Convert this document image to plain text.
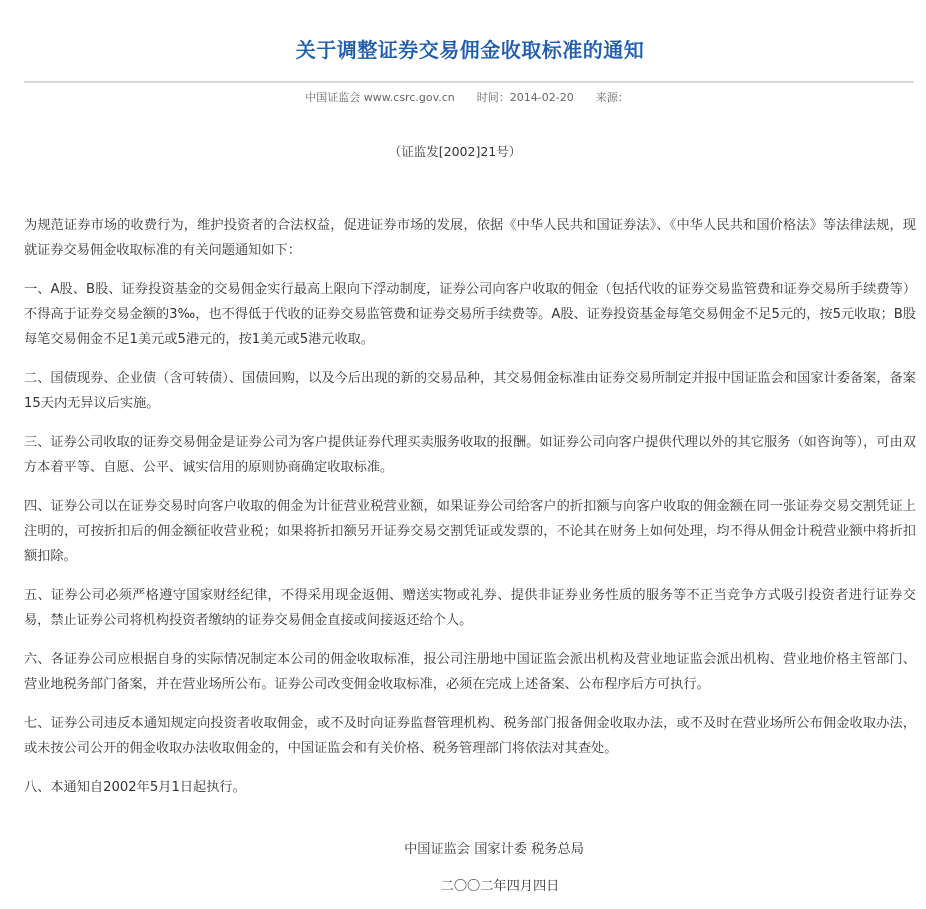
关于调整证券交易佣金收取标准的通知
中国证监会 www.csrc.gov.cn 时间：2014-02-20 来源：
（证监发[2002]21号）

为规范证券市场的收费行为，维护投资者的合法权益，促进证券市场的发展，依据《中华人民共和国证券法》、《中华人民共和国价格法》等法律法规，现就证券交易佣金收取标准的有关问题通知如下：

一、A股、B股、证券投资基金的交易佣金实行最高上限向下浮动制度，证券公司向客户收取的佣金（包括代收的证券交易监管费和证券交易所手续费等）不得高于证券交易金额的3‰，也不得低于代收的证券交易监管费和证券交易所手续费等。A股、证券投资基金每笔交易佣金不足5元的，按5元收取；B股每笔交易佣金不足1美元或5港元的，按1美元或5港元收取。

二、国债现券、企业债（含可转债）、国债回购，以及今后出现的新的交易品种，其交易佣金标准由证券交易所制定并报中国证监会和国家计委备案，备案15天内无异议后实施。

三、证券公司收取的证券交易佣金是证券公司为客户提供证券代理买卖服务收取的报酬。如证券公司向客户提供代理以外的其它服务（如咨询等），可由双方本着平等、自愿、公平、诚实信用的原则协商确定收取标准。

四、证券公司以在证券交易时向客户收取的佣金为计征营业税营业额，如果证券公司给客户的折扣额与向客户收取的佣金额在同一张证券交易交割凭证上注明的，可按折扣后的佣金额征收营业税；如果将折扣额另开证券交易交割凭证或发票的，不论其在财务上如何处理，均不得从佣金计税营业额中将折扣额扣除。

五、证券公司必须严格遵守国家财经纪律，不得采用现金返佣、赠送实物或礼券、提供非证券业务性质的服务等不正当竞争方式吸引投资者进行证券交易，禁止证券公司将机构投资者缴纳的证券交易佣金直接或间接返还给个人。

六、各证券公司应根据自身的实际情况制定本公司的佣金收取标准，报公司注册地中国证监会派出机构及营业地证监会派出机构、营业地价格主管部门、营业地税务部门备案，并在营业场所公布。证券公司改变佣金收取标准，必须在完成上述备案、公布程序后方可执行。

七、证券公司违反本通知规定向投资者收取佣金，或不及时向证券监督管理机构、税务部门报备佣金收取办法，或不及时在营业场所公布佣金收取办法，或未按公司公开的佣金收取办法收取佣金的，中国证监会和有关价格、税务管理部门将依法对其查处。

八、本通知自2002年5月1日起执行。

中国证监会 国家计委 税务总局
二〇〇二年四月四日
